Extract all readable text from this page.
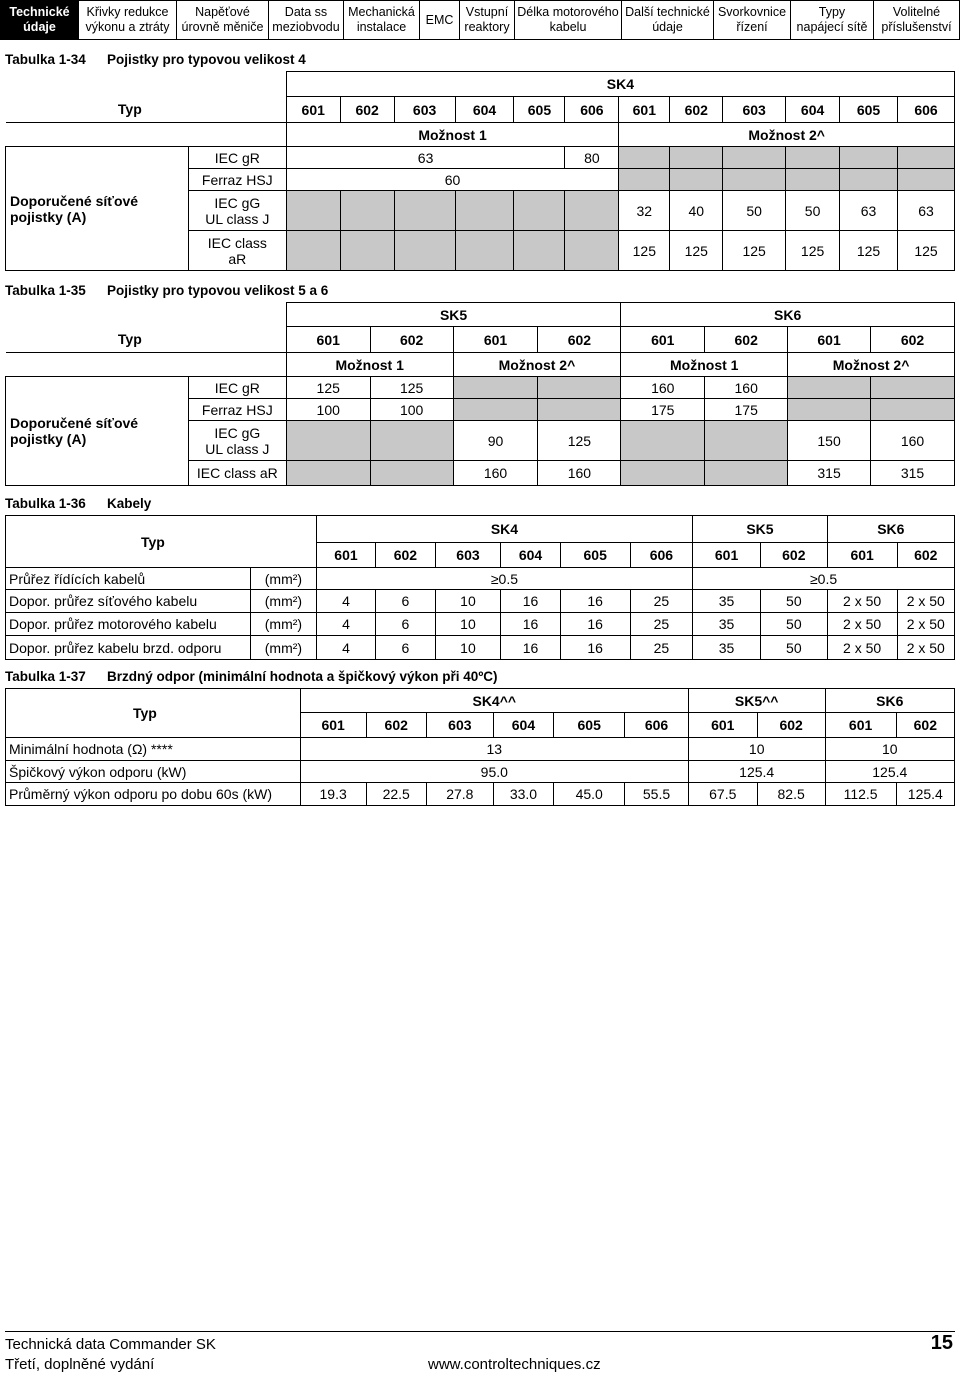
Technické
údaje
Křivky redukce
výkonu a ztráty
Napěťové
úrovně měniče
Data ss
meziobvodu
Mechanická
instalace
EMC
Vstupní
reaktory
Délka motorového
kabelu
Další technické
údaje
Svorkovnice
řízení
Typy
napájecí sítě
Volitelné
příslušenství
Tabulka 1-34 Pojistky pro typovou velikost 4
		SK4											
Typ		601	602	603	604	605	606	601	602	603	604	605	606
		Možnost 1						Možnost 2^					
Doporučené síťové pojistky (A)	IEC gR	63					80						
	Ferraz HSJ	60											
	IEC gG
UL class J							32	40	50	50	63	63
	IEC class
aR							125	125	125	125	125	125
Tabulka 1-35 Pojistky pro typovou velikost 5 a 6
		SK5				SK6			
Typ		601	602	601	602	601	602	601	602
		Možnost 1		Možnost 2^		Možnost 1		Možnost 2^	
Doporučené síťové pojistky (A)	IEC gR	125	125			160	160		
	Ferraz HSJ	100	100			175	175		
	IEC gG
UL class J			90	125			150	160
	IEC class aR			160	160			315	315
Tabulka 1-36 Kabely
Typ		SK4						SK5		SK6	
		601	602	603	604	605	606	601	602	601	602
Průřez řídících kabelů	(mm²)	≥0.5						≥0.5			
Dopor. průřez síťového kabelu	(mm²)	4	6	10	16	16	25	35	50	2 x 50	2 x 50
Dopor. průřez motorového kabelu	(mm²)	4	6	10	16	16	25	35	50	2 x 50	2 x 50
Dopor. průřez kabelu brzd. odporu	(mm²)	4	6	10	16	16	25	35	50	2 x 50	2 x 50
Tabulka 1-37 Brzdný odpor (minimální hodnota a špičkový výkon při 40ºC)
Typ	SK4^^						SK5^^		SK6	
	601	602	603	604	605	606	601	602	601	602
Minimální hodnota (Ω) ****	13						10		10	
Špičkový výkon odporu (kW)	95.0						125.4		125.4	
Průměrný výkon odporu po dobu 60s (kW)	19.3	22.5	27.8	33.0	45.0	55.5	67.5	82.5	112.5	125.4
Technická data Commander SK
Třetí, doplněné vydání	www.controltechniques.cz
15
